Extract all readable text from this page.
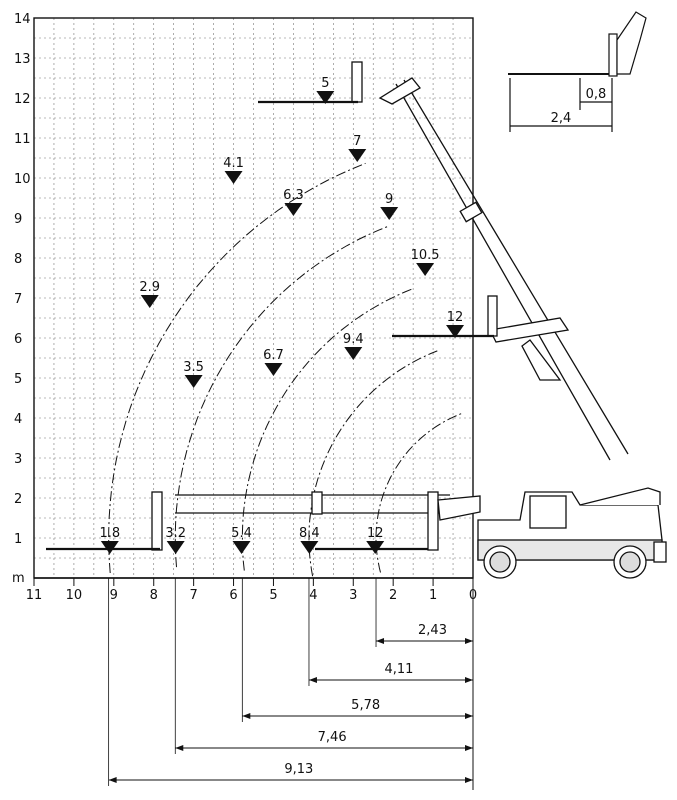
m
11 10 9 8 7 6 5 4 3 2 1 0
1
2
3
4
5
6
7
8
9
10
11
12
13
14
0,8
2,4
1.8	3.2	5.4	8.4	12
2.9
3.5
6.7
9.4
12
4.1
6.3
7
9
10.5
5
2,43
4,11
5,78
7,46
9,13
